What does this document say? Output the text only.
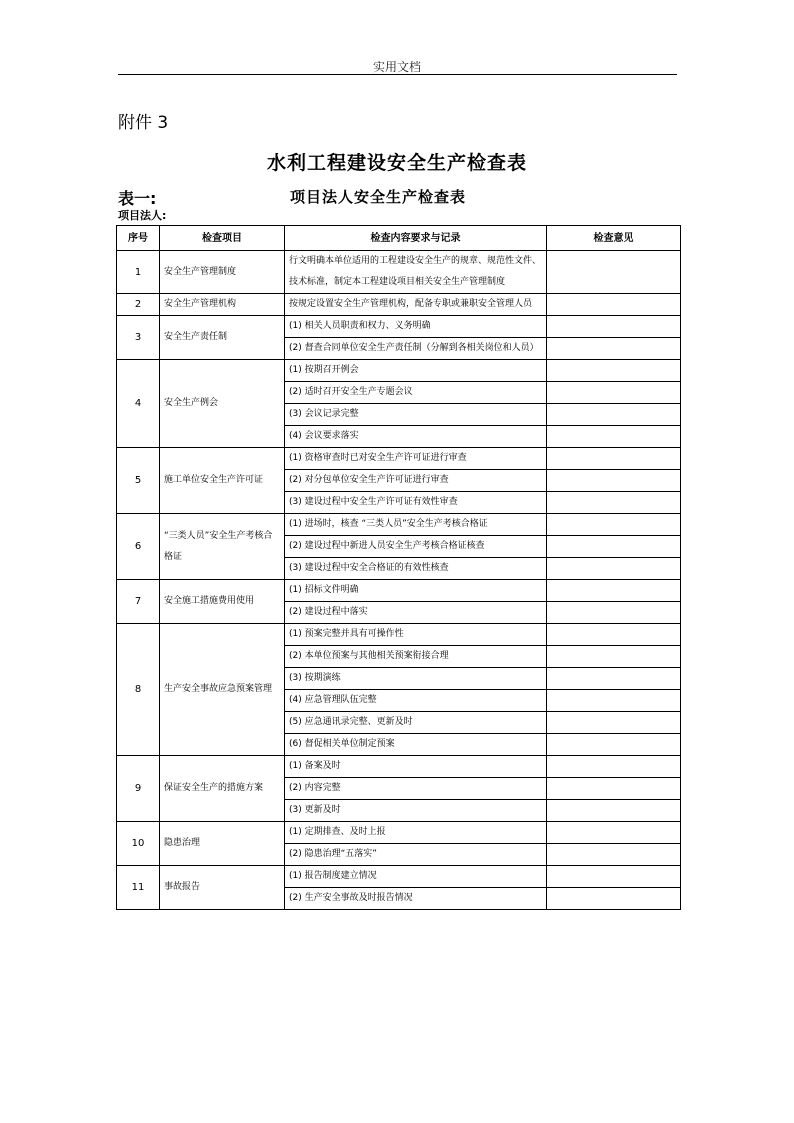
实用文档
附件 3
水利工程建设安全生产检查表
表一:	项目法人安全生产检查表
项目法人:
序号	检查项目	检查内容要求与记录	检查意见
1	安全生产管理制度	行文明确本单位适用的工程建设安全生产的规章、规范性文件、技术标准，制定本工程建设项目相关安全生产管理制度	
2	安全生产管理机构	按规定设置安全生产管理机构，配备专职或兼职安全管理人员	
3	安全生产责任制	(1) 相关人员职责和权力、义务明确	
		(2) 督查合同单位安全生产责任制（分解到各相关岗位和人员）	
4	安全生产例会	(1) 按期召开例会	
		(2) 适时召开安全生产专题会议	
		(3) 会议记录完整	
		(4) 会议要求落实	
5	施工单位安全生产许可证	(1) 资格审查时已对安全生产许可证进行审查	
		(2) 对分包单位安全生产许可证进行审查	
		(3) 建设过程中安全生产许可证有效性审查	
6	“三类人员”安全生产考核合格证	(1) 进场时，核查 “三类人员”安全生产考核合格证	
		(2) 建设过程中新进人员安全生产考核合格证核查	
		(3) 建设过程中安全合格证的有效性核查	
7	安全施工措施费用使用	(1) 招标文件明确	
		(2) 建设过程中落实	
8	生产安全事故应急预案管理	(1) 预案完整并具有可操作性	
		(2) 本单位预案与其他相关预案衔接合理	
		(3) 按期演练	
		(4) 应急管理队伍完整	
		(5) 应急通讯录完整、更新及时	
		(6) 督促相关单位制定预案	
9	保证安全生产的措施方案	(1) 备案及时	
		(2) 内容完整	
		(3) 更新及时	
10	隐患治理	(1) 定期排查、及时上报	
		(2) 隐患治理“五落实”	
11	事故报告	(1) 报告制度建立情况	
		(2) 生产安全事故及时报告情况	
